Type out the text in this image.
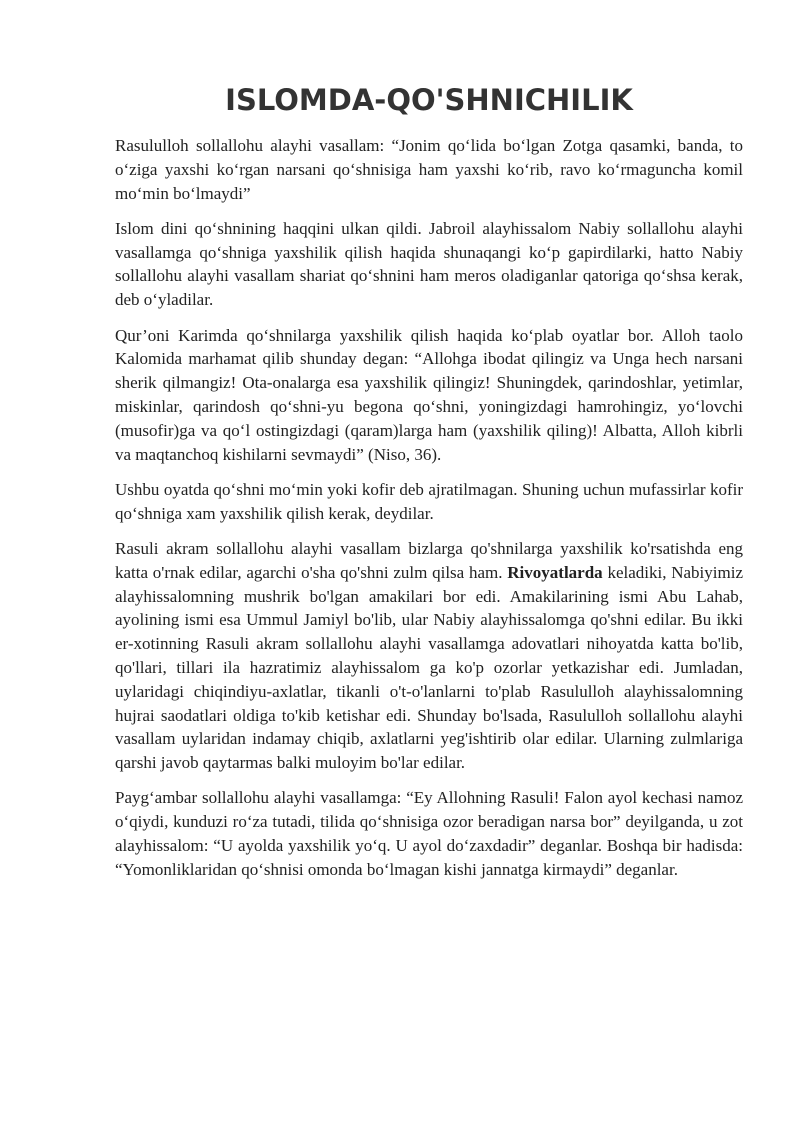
ISLOMDA-QO'SHNICHILIK

Rasululloh sollallohu alayhi vasallam: “Jonim qoʻlida boʻlgan Zotga qasamki, banda, to oʻziga yaxshi koʻrgan narsani qoʻshnisiga ham yaxshi koʻrib, ravo koʻrmaguncha komil moʻmin boʻlmaydi”

Islom dini qoʻshnining haqqini ulkan qildi. Jabroil alayhissalom Nabiy sollallohu alayhi vasallamga qoʻshniga yaxshilik qilish haqida shunaqangi koʻp gapirdilarki, hatto Nabiy sollallohu alayhi vasallam shariat qoʻshnini ham meros oladiganlar qatoriga qoʻshsa kerak, deb oʻyladilar.

Qur’oni Karimda qoʻshnilarga yaxshilik qilish haqida koʻplab oyatlar bor. Alloh taolo Kalomida marhamat qilib shunday degan: “Allohga ibodat qilingiz va Unga hech narsani sherik qilmangiz! Ota-onalarga esa yaxshilik qilingiz! Shuningdek, qarindoshlar, yetimlar, miskinlar, qarindosh qoʻshni-yu begona qoʻshni, yoningizdagi hamrohingiz, yoʻlovchi (musofir)ga va qoʻl ostingizdagi (qaram)larga ham (yaxshilik qiling)! Albatta, Alloh kibrli va maqtanchoq kishilarni sevmaydi” (Niso, 36).

Ushbu oyatda qoʻshni moʻmin yoki kofir deb ajratilmagan. Shuning uchun mufassirlar kofir qoʻshniga xam yaxshilik qilish kerak, deydilar.

Rasuli akram sollallohu alayhi vasallam bizlarga qo'shnilarga yaxshilik ko'rsatishda eng katta o'rnak edilar, agarchi o'sha qo'shni zulm qilsa ham. Rivoyatlarda keladiki, Nabiyimiz alayhissalomning mushrik bo'lgan amakilari bor edi. Amakilarining ismi Abu Lahab, ayolining ismi esa Ummul Jamiyl bo'lib, ular Nabiy alayhissalomga qo'shni edilar. Bu ikki er-xotinning Rasuli akram sollallohu alayhi vasallamga adovatlari nihoyatda katta bo'lib, qo'llari, tillari ila hazratimiz alayhissalom ga ko'p ozorlar yetkazishar edi. Jumladan, uylaridagi chiqindiyu-axlatlar, tikanli o't-o'lanlarni to'plab Rasululloh alayhissalomning hujrai saodatlari oldiga to'kib ketishar edi. Shunday bo'lsada, Rasululloh sollallohu alayhi vasallam uylaridan indamay chiqib, axlatlarni yeg'ishtirib olar edilar. Ularning zulmlariga qarshi javob qaytarmas balki muloyim bo'lar edilar.

Paygʻambar sollallohu alayhi vasallamga: “Ey Allohning Rasuli! Falon ayol kechasi namoz oʻqiydi, kunduzi roʻza tutadi, tilida qoʻshnisiga ozor beradigan narsa bor” deyilganda, u zot alayhissalom: “U ayolda yaxshilik yoʻq. U ayol doʻzaxdadir” deganlar. Boshqa bir hadisda: “Yomonliklaridan qoʻshnisi omonda boʻlmagan kishi jannatga kirmaydi” deganlar.
